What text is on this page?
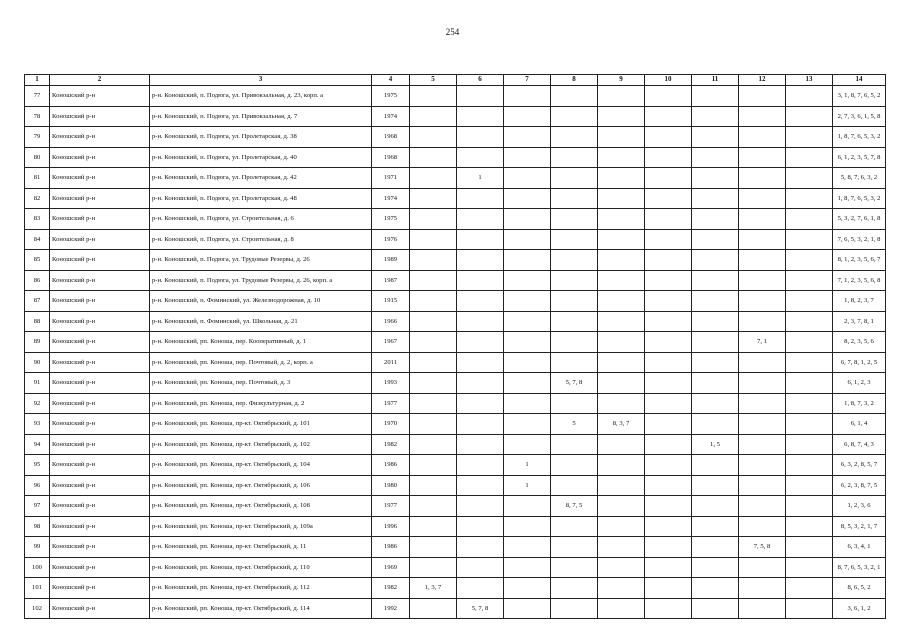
254
1	2	3	4	5	6	7	8	9	10	11	12	13	14
77	Коношский р-н	р-н. Коношский, п. Подюга, ул. Привокзальная, д. 23, корп. а	1975										3, 1, 8, 7, 6, 5, 2
78	Коношский р-н	р-н. Коношский, п. Подюга, ул. Привокзальная, д. 7	1974										2, 7, 3, 6, 1, 5, 8
79	Коношский р-н	р-н. Коношский, п. Подюга, ул. Пролетарская, д. 38	1968										1, 8, 7, 6, 5, 3, 2
80	Коношский р-н	р-н. Коношский, п. Подюга, ул. Пролетарская, д. 40	1968										6, 1, 2, 3, 5, 7, 8
81	Коношский р-н	р-н. Коношский, п. Подюга, ул. Пролетарская, д. 42	1971		1								5, 8, 7, 6, 3, 2
82	Коношский р-н	р-н. Коношский, п. Подюга, ул. Пролетарская, д. 48	1974										1, 8, 7, 6, 5, 3, 2
83	Коношский р-н	р-н. Коношский, п. Подюга, ул. Строительная, д. 6	1975										5, 3, 2, 7, 6, 1, 8
84	Коношский р-н	р-н. Коношский, п. Подюга, ул. Строительная, д. 8	1976										7, 6, 5, 3, 2, 1, 8
85	Коношский р-н	р-н. Коношский, п. Подюга, ул. Трудовые Резервы, д. 26	1989										8, 1, 2, 3, 5, 6, 7
86	Коношский р-н	р-н. Коношский, п. Подюга, ул. Трудовые Резервы, д. 26, корп. а	1987										7, 1, 2, 3, 5, 6, 8
87	Коношский р-н	р-н. Коношский, п. Фоминский, ул. Железнодорожная, д. 10	1915										1, 8, 2, 3, 7
88	Коношский р-н	р-н. Коношский, п. Фоминский, ул. Школьная, д. 21	1966										2, 3, 7, 8, 1
89	Коношский р-н	р-н. Коношский, рп. Коноша, пер. Кооперативный, д. 1	1967								7, 1		8, 2, 3, 5, 6
90	Коношский р-н	р-н. Коношский, рп. Коноша, пер. Почтовый, д. 2, корп. а	2011										6, 7, 8, 1, 2, 5
91	Коношский р-н	р-н. Коношский, рп. Коноша, пер. Почтовый, д. 3	1993				5, 7, 8						6, 1, 2, 3
92	Коношский р-н	р-н. Коношский, рп. Коноша, пер. Физкультурная, д. 2	1977										1, 8, 7, 3, 2
93	Коношский р-н	р-н. Коношский, рп. Коноша, пр-кт. Октябрьский, д. 101	1970				5	8, 3, 7					6, 1, 4
94	Коношский р-н	р-н. Коношский, рп. Коноша, пр-кт. Октябрьский, д. 102	1982							1, 5			6, 8, 7, 4, 3
95	Коношский р-н	р-н. Коношский, рп. Коноша, пр-кт. Октябрьский, д. 104	1986			1							6, 3, 2, 8, 5, 7
96	Коношский р-н	р-н. Коношский, рп. Коноша, пр-кт. Октябрьский, д. 106	1980			1							6, 2, 3, 8, 7, 5
97	Коношский р-н	р-н. Коношский, рп. Коноша, пр-кт. Октябрьский, д. 108	1977				8, 7, 5						1, 2, 3, 6
98	Коношский р-н	р-н. Коношский, рп. Коноша, пр-кт. Октябрьский, д. 109а	1996										8, 5, 3, 2, 1, 7
99	Коношский р-н	р-н. Коношский, рп. Коноша, пр-кт. Октябрьский, д. 11	1986								7, 5, 8		6, 3, 4, 1
100	Коношский р-н	р-н. Коношский, рп. Коноша, пр-кт. Октябрьский, д. 110	1969										8, 7, 6, 5, 3, 2, 1
101	Коношский р-н	р-н. Коношский, рп. Коноша, пр-кт. Октябрьский, д. 112	1982	1, 3, 7									8, 6, 5, 2
102	Коношский р-н	р-н. Коношский, рп. Коноша, пр-кт. Октябрьский, д. 114	1992		5, 7, 8								3, 6, 1, 2
